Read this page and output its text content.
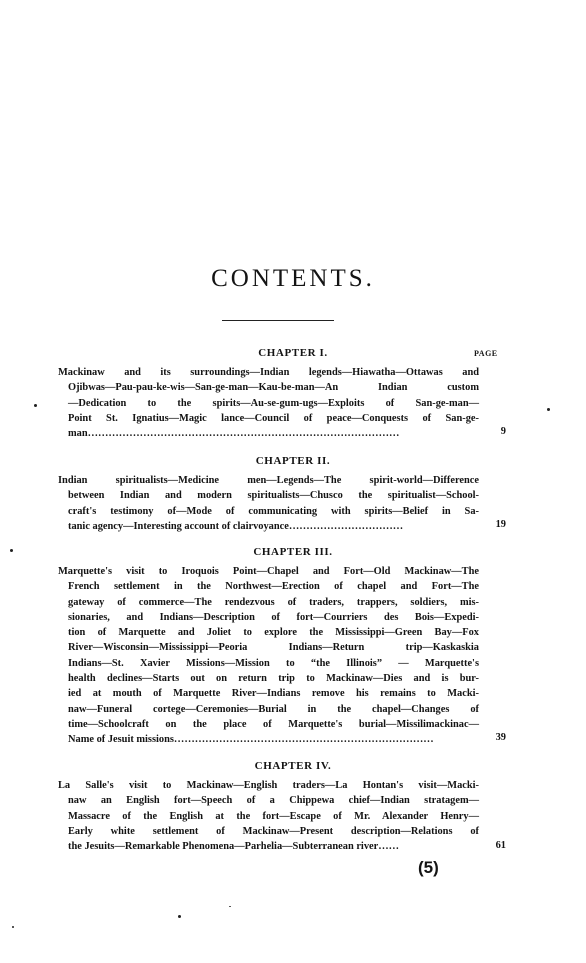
CONTENTS.
PAGE
CHAPTER I.
Mackinaw and its surroundings—Indian legends—Hiawatha—Ottawas and
Ojibwas—Pau-pau-ke-wis—San-ge-man—Kau-be-man—An Indian custom
—Dedication to the spirits—Au-se-gum-ugs—Exploits of San-ge-man—
Point St. Ignatius—Magic lance—Council of peace—Conquests of San-ge-
man………………………………………………………………………………	9
CHAPTER II.
Indian spiritualists—Medicine men—Legends—The spirit-world—Difference
between Indian and modern spiritualists—Chusco the spiritualist—School-
craft's testimony of—Mode of communicating with spirits—Belief in Sa-
tanic agency—Interesting account of clairvoyance……………………………	19
CHAPTER III.
Marquette's visit to Iroquois Point—Chapel and Fort—Old Mackinaw—The
French settlement in the Northwest—Erection of chapel and Fort—The
gateway of commerce—The rendezvous of traders, trappers, soldiers, mis-
sionaries, and Indians—Description of fort—Courriers des Bois—Expedi-
tion of Marquette and Joliet to explore the Mississippi—Green Bay—Fox
River—Wisconsin—Mississippi—Peoria Indians—Return trip—Kaskaskia
Indians—St. Xavier Missions—Mission to “the Illinois” — Marquette's
health declines—Starts out on return trip to Mackinaw—Dies and is bur-
ied at mouth of Marquette River—Indians remove his remains to Macki-
naw—Funeral cortege—Ceremonies—Burial in the chapel—Changes of
time—Schoolcraft on the place of Marquette's burial—Missilimackinac—
Name of Jesuit missions…………………………………………………………………	39
CHAPTER IV.
La Salle's visit to Mackinaw—English traders—La Hontan's visit—Macki-
naw an English fort—Speech of a Chippewa chief—Indian stratagem—
Massacre of the English at the fort—Escape of Mr. Alexander Henry—
Early white settlement of Mackinaw—Present description—Relations of
the Jesuits—Remarkable Phenomena—Parhelia—Subterranean river……	61
(5)
